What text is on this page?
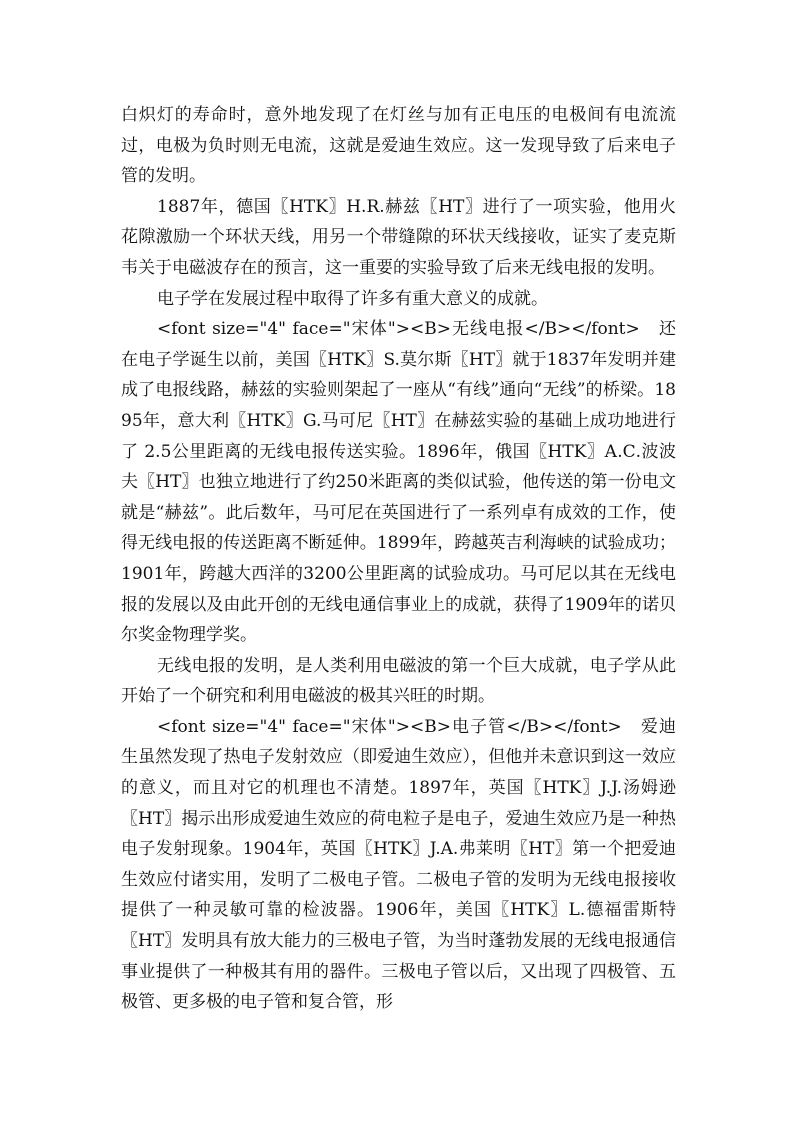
白炽灯的寿命时，意外地发现了在灯丝与加有正电压的电极间有电流流过，电极为负时则无电流，这就是爱迪生效应。这一发现导致了后来电子管的发明。

1887年，德国〖HTK〗H.R.赫兹〖HT〗进行了一项实验，他用火花隙激励一个环状天线，用另一个带缝隙的环状天线接收，证实了麦克斯韦关于电磁波存在的预言，这一重要的实验导致了后来无线电报的发明。

电子学在发展过程中取得了许多有重大意义的成就。

<font size="4" face="宋体"><B>无线电报</B></font>　还在电子学诞生以前，美国〖HTK〗S.莫尔斯〖HT〗就于1837年发明并建成了电报线路，赫兹的实验则架起了一座从“有线”通向“无线”的桥梁。1895年，意大利〖HTK〗G.马可尼〖HT〗在赫兹实验的基础上成功地进行了 2.5公里距离的无线电报传送实验。1896年，俄国〖HTK〗А.С.波波夫〖HT〗也独立地进行了约250米距离的类似试验，他传送的第一份电文就是“赫兹”。此后数年，马可尼在英国进行了一系列卓有成效的工作，使得无线电报的传送距离不断延伸。1899年，跨越英吉利海峡的试验成功；1901年，跨越大西洋的3200公里距离的试验成功。马可尼以其在无线电报的发展以及由此开创的无线电通信事业上的成就，获得了1909年的诺贝尔奖金物理学奖。

无线电报的发明，是人类利用电磁波的第一个巨大成就，电子学从此开始了一个研究和利用电磁波的极其兴旺的时期。

<font size="4" face="宋体"><B>电子管</B></font>　爱迪生虽然发现了热电子发射效应（即爱迪生效应），但他并未意识到这一效应的意义，而且对它的机理也不清楚。1897年，英国〖HTK〗J.J.汤姆逊〖HT〗揭示出形成爱迪生效应的荷电粒子是电子，爱迪生效应乃是一种热电子发射现象。1904年，英国〖HTK〗J.A.弗莱明〖HT〗第一个把爱迪生效应付诸实用，发明了二极电子管。二极电子管的发明为无线电报接收提供了一种灵敏可靠的检波器。1906年，美国〖HTK〗L.德福雷斯特〖HT〗发明具有放大能力的三极电子管，为当时蓬勃发展的无线电报通信事业提供了一种极其有用的器件。三极电子管以后，又出现了四极管、五极管、更多极的电子管和复合管，形
